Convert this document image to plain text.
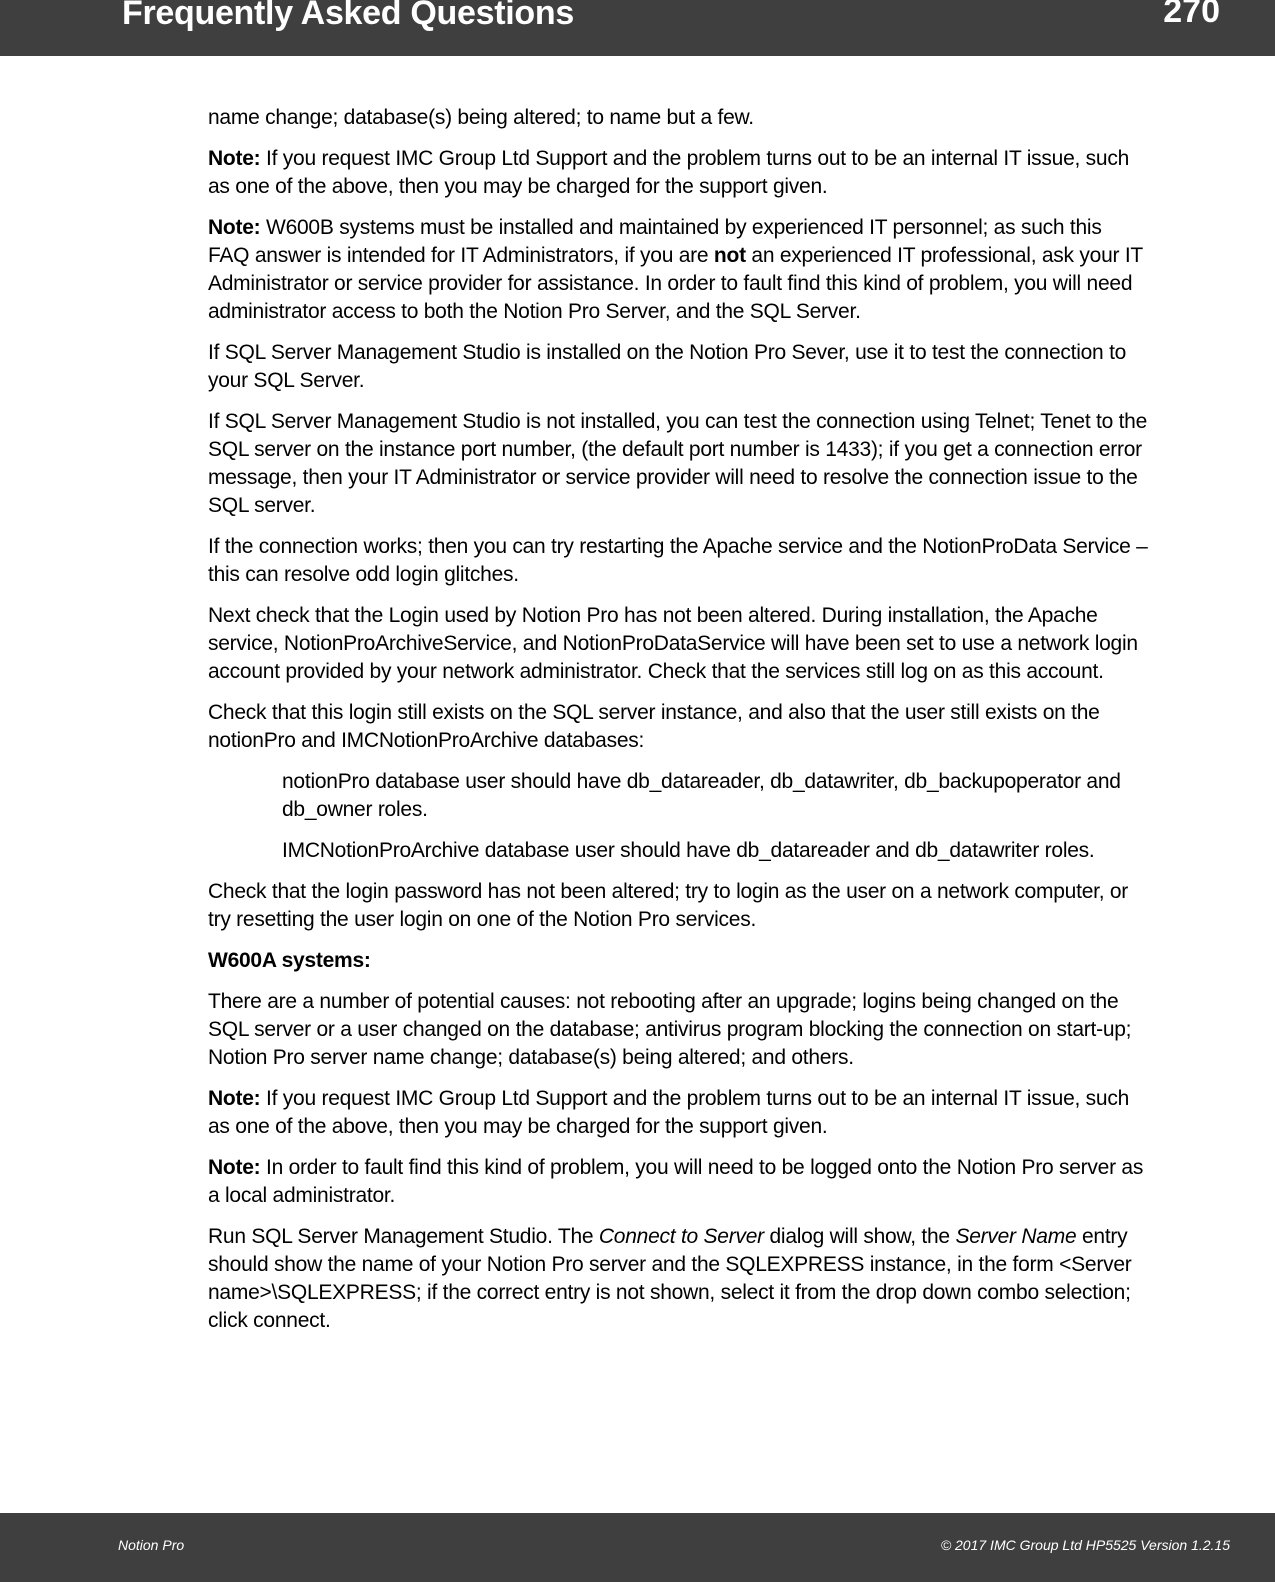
Frequently Asked Questions	270

name change; database(s) being altered; to name but a few.

Note: If you request IMC Group Ltd Support and the problem turns out to be an internal IT issue, such as one of the above, then you may be charged for the support given.

Note: W600B systems must be installed and maintained by experienced IT personnel; as such this FAQ answer is intended for IT Administrators, if you are not an experienced IT professional, ask your IT Administrator or service provider for assistance. In order to fault find this kind of problem, you will need administrator access to both the Notion Pro Server, and the SQL Server.

If SQL Server Management Studio is installed on the Notion Pro Sever, use it to test the connection to your SQL Server.

If SQL Server Management Studio is not installed, you can test the connection using Telnet; Tenet to the SQL server on the instance port number, (the default port number is 1433); if you get a connection error message, then your IT Administrator or service provider will need to resolve the connection issue to the SQL server.

If the connection works; then you can try restarting the Apache service and the NotionProData Service – this can resolve odd login glitches.

Next check that the Login used by Notion Pro has not been altered. During installation, the Apache service, NotionProArchiveService, and NotionProDataService will have been set to use a network login account provided by your network administrator. Check that the services still log on as this account.

Check that this login still exists on the SQL server instance, and also that the user still exists on the notionPro and IMCNotionProArchive databases:

notionPro database user should have db_datareader, db_datawriter, db_backupoperator and db_owner roles.

IMCNotionProArchive database user should have db_datareader and db_datawriter roles.

Check that the login password has not been altered; try to login as the user on a network computer, or try resetting the user login on one of the Notion Pro services.

W600A systems:

There are a number of potential causes: not rebooting after an upgrade; logins being changed on the SQL server or a user changed on the database; antivirus program blocking the connection on start-up; Notion Pro server name change; database(s) being altered; and others.

Note: If you request IMC Group Ltd Support and the problem turns out to be an internal IT issue, such as one of the above, then you may be charged for the support given.

Note: In order to fault find this kind of problem, you will need to be logged onto the Notion Pro server as a local administrator.

Run SQL Server Management Studio. The Connect to Server dialog will show, the Server Name entry should show the name of your Notion Pro server and the SQLEXPRESS instance, in the form <Server name>\SQLEXPRESS; if the correct entry is not shown, select it from the drop down combo selection; click connect.

Notion Pro	© 2017 IMC Group Ltd HP5525 Version 1.2.15
